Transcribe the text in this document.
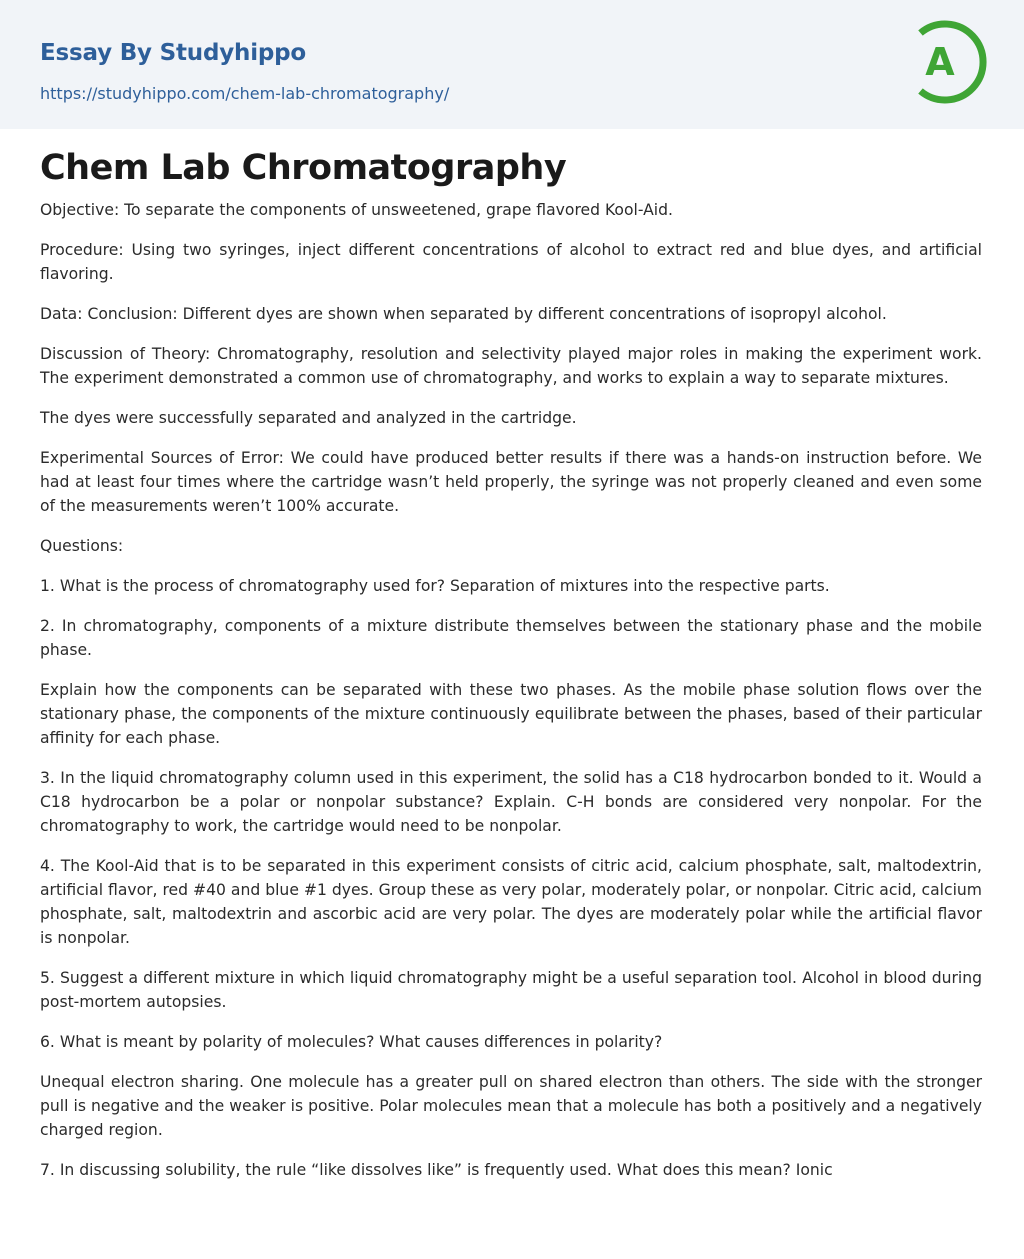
Essay By Studyhippo
https://studyhippo.com/chem-lab-chromatography/
A
Chem Lab Chromatography

Objective: To separate the components of unsweetened, grape flavored Kool-Aid.

Procedure: Using two syringes, inject different concentrations of alcohol to extract red and blue dyes, and artificial flavoring.

Data: Conclusion: Different dyes are shown when separated by different concentrations of isopropyl alcohol.

Discussion of Theory: Chromatography, resolution and selectivity played major roles in making the experiment work. The experiment demonstrated a common use of chromatography, and works to explain a way to separate mixtures.

The dyes were successfully separated and analyzed in the cartridge.

Experimental Sources of Error: We could have produced better results if there was a hands-on instruction before. We had at least four times where the cartridge wasn’t held properly, the syringe was not properly cleaned and even some of the measurements weren’t 100% accurate.

Questions:

1. What is the process of chromatography used for? Separation of mixtures into the respective parts.

2. In chromatography, components of a mixture distribute themselves between the stationary phase and the mobile phase.

Explain how the components can be separated with these two phases. As the mobile phase solution flows over the stationary phase, the components of the mixture continuously equilibrate between the phases, based of their particular affinity for each phase.

3. In the liquid chromatography column used in this experiment, the solid has a C18 hydrocarbon bonded to it. Would a C18 hydrocarbon be a polar or nonpolar substance? Explain. C-H bonds are considered very nonpolar. For the chromatography to work, the cartridge would need to be nonpolar.

4. The Kool-Aid that is to be separated in this experiment consists of citric acid, calcium phosphate, salt, maltodextrin, artificial flavor, red #40 and blue #1 dyes. Group these as very polar, moderately polar, or nonpolar. Citric acid, calcium phosphate, salt, maltodextrin and ascorbic acid are very polar. The dyes are moderately polar while the artificial flavor is nonpolar.

5. Suggest a different mixture in which liquid chromatography might be a useful separation tool. Alcohol in blood during post-mortem autopsies.

6. What is meant by polarity of molecules? What causes differences in polarity?

Unequal electron sharing. One molecule has a greater pull on shared electron than others. The side with the stronger pull is negative and the weaker is positive. Polar molecules mean that a molecule has both a positively and a negatively charged region.

7. In discussing solubility, the rule “like dissolves like” is frequently used. What does this mean? Ionic
